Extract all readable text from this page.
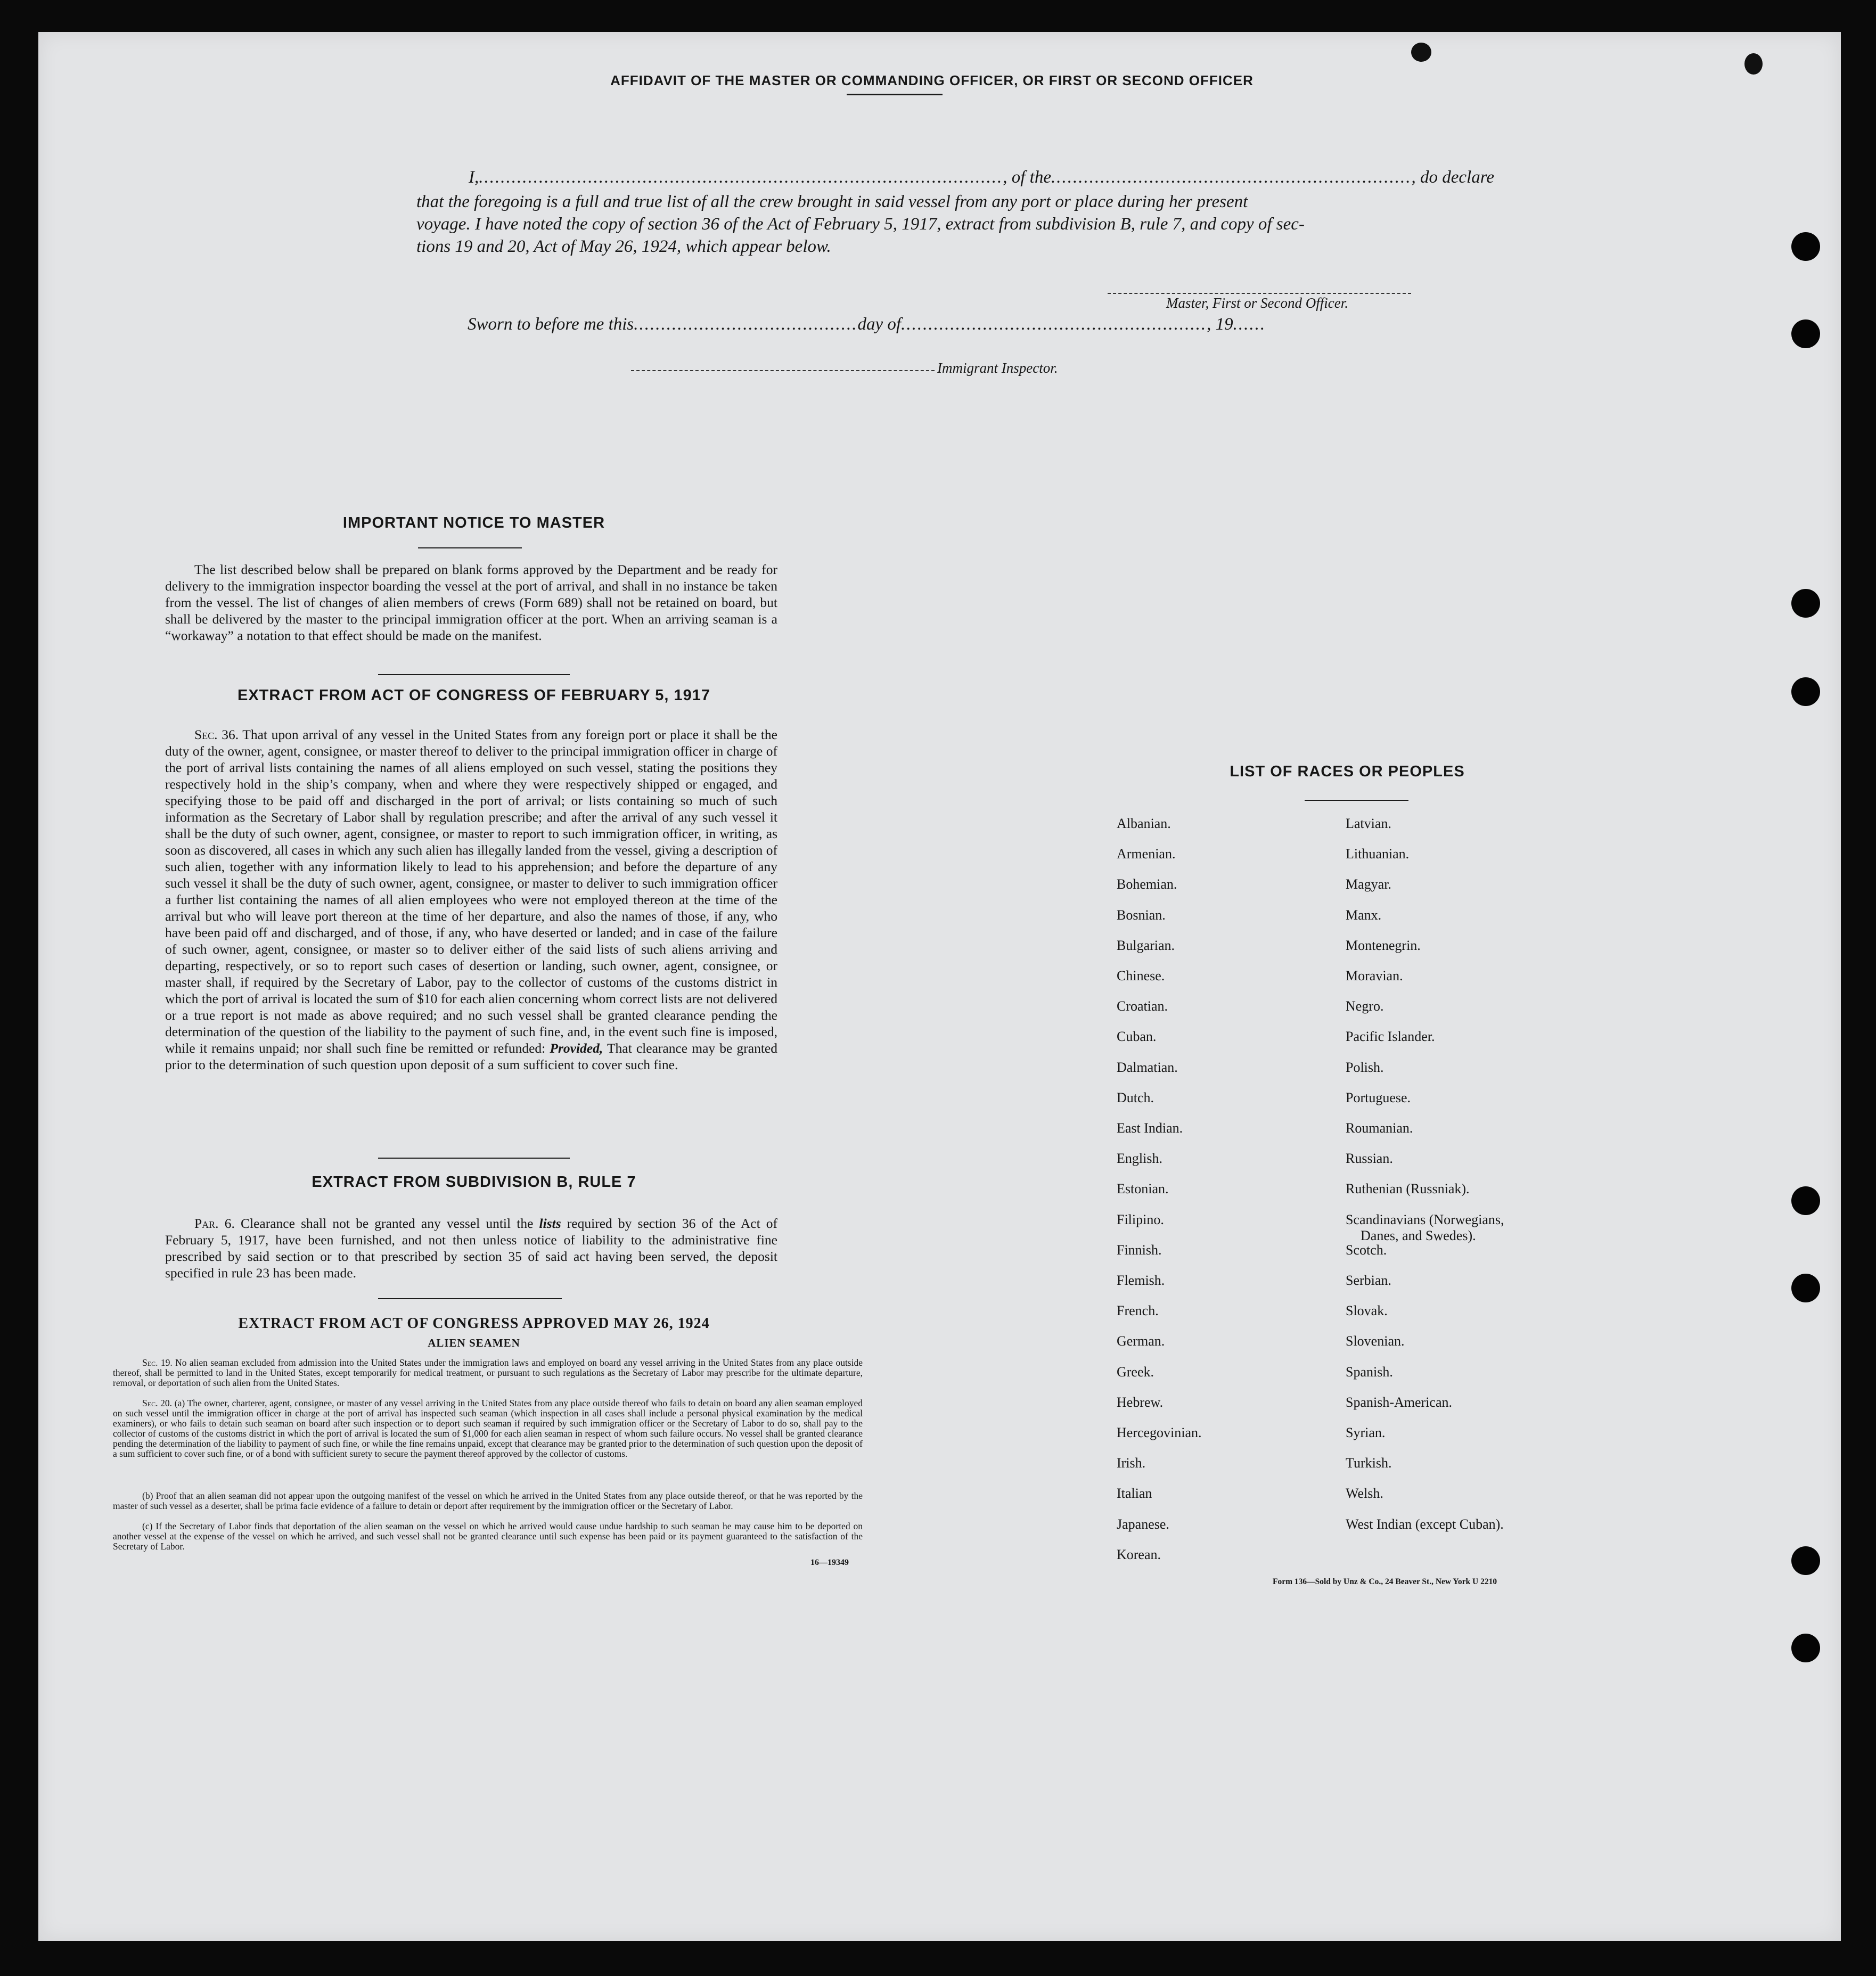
AFFIDAVIT OF THE MASTER OR COMMANDING OFFICER, OR FIRST OR SECOND OFFICER
I,................................................................................................, of the.................................................................., do declare
that the foregoing is a full and true list of all the crew brought in said vessel from any port or place during her present
voyage. I have noted the copy of section 36 of the Act of February 5, 1917, extract from subdivision B, rule 7, and copy of sec-
tions 19 and 20, Act of May 26, 1924, which appear below.
Master, First or Second Officer.
Sworn to before me this.........................................day of........................................................, 19......
Immigrant Inspector.
IMPORTANT NOTICE TO MASTER
The list described below shall be prepared on blank forms approved by the Department and be ready for delivery to the immigration inspector boarding the vessel at the port of arrival, and shall in no instance be taken from the vessel. The list of changes of alien members of crews (Form 689) shall not be retained on board, but shall be delivered by the master to the principal immigration officer at the port. When an arriving seaman is a “workaway” a notation to that effect should be made on the manifest.
EXTRACT FROM ACT OF CONGRESS OF FEBRUARY 5, 1917
Sec. 36. That upon arrival of any vessel in the United States from any foreign port or place it shall be the duty of the owner, agent, consignee, or master thereof to deliver to the principal immigration officer in charge of the port of arrival lists containing the names of all aliens employed on such vessel, stating the positions they respectively hold in the ship’s company, when and where they were respectively shipped or engaged, and specifying those to be paid off and discharged in the port of arrival; or lists containing so much of such information as the Secretary of Labor shall by regulation prescribe; and after the arrival of any such vessel it shall be the duty of such owner, agent, consignee, or master to report to such immigration officer, in writing, as soon as discovered, all cases in which any such alien has illegally landed from the vessel, giving a description of such alien, together with any information likely to lead to his apprehension; and before the departure of any such vessel it shall be the duty of such owner, agent, consignee, or master to deliver to such immigration officer a further list containing the names of all alien employees who were not employed thereon at the time of the arrival but who will leave port thereon at the time of her departure, and also the names of those, if any, who have been paid off and discharged, and of those, if any, who have deserted or landed; and in case of the failure of such owner, agent, consignee, or master so to deliver either of the said lists of such aliens arriving and departing, respectively, or so to report such cases of desertion or landing, such owner, agent, consignee, or master shall, if required by the Secretary of Labor, pay to the collector of customs of the customs district in which the port of arrival is located the sum of $10 for each alien concerning whom correct lists are not delivered or a true report is not made as above required; and no such vessel shall be granted clearance pending the determination of the question of the liability to the payment of such fine, and, in the event such fine is imposed, while it remains unpaid; nor shall such fine be remitted or refunded: Provided, That clearance may be granted prior to the determination of such question upon deposit of a sum sufficient to cover such fine.
EXTRACT FROM SUBDIVISION B, RULE 7
Par. 6. Clearance shall not be granted any vessel until the lists required by section 36 of the Act of February 5, 1917, have been furnished, and not then unless notice of liability to the administrative fine prescribed by said section or to that prescribed by section 35 of said act having been served, the deposit specified in rule 23 has been made.
EXTRACT FROM ACT OF CONGRESS APPROVED MAY 26, 1924
ALIEN SEAMEN
Sec. 19. No alien seaman excluded from admission into the United States under the immigration laws and employed on board any vessel arriving in the United States from any place outside thereof, shall be permitted to land in the United States, except temporarily for medical treatment, or pursuant to such regulations as the Secretary of Labor may prescribe for the ultimate departure, removal, or deportation of such alien from the United States.
Sec. 20. (a) The owner, charterer, agent, consignee, or master of any vessel arriving in the United States from any place outside thereof who fails to detain on board any alien seaman employed on such vessel until the immigration officer in charge at the port of arrival has inspected such seaman (which inspection in all cases shall include a personal physical examination by the medical examiners), or who fails to detain such seaman on board after such inspection or to deport such seaman if required by such immigration officer or the Secretary of Labor to do so, shall pay to the collector of customs of the customs district in which the port of arrival is located the sum of $1,000 for each alien seaman in respect of whom such failure occurs. No vessel shall be granted clearance pending the determination of the liability to payment of such fine, or while the fine remains unpaid, except that clearance may be granted prior to the determination of such question upon the deposit of a sum sufficient to cover such fine, or of a bond with sufficient surety to secure the payment thereof approved by the collector of customs.
(b) Proof that an alien seaman did not appear upon the outgoing manifest of the vessel on which he arrived in the United States from any place outside thereof, or that he was reported by the master of such vessel as a deserter, shall be prima facie evidence of a failure to detain or deport after requirement by the immigration officer or the Secretary of Labor.
(c) If the Secretary of Labor finds that deportation of the alien seaman on the vessel on which he arrived would cause undue hardship to such seaman he may cause him to be deported on another vessel at the expense of the vessel on which he arrived, and such vessel shall not be granted clearance until such expense has been paid or its payment guaranteed to the satisfaction of the Secretary of Labor.
16—19349
LIST OF RACES OR PEOPLES
Albanian.
Armenian.
Bohemian.
Bosnian.
Bulgarian.
Chinese.
Croatian.
Cuban.
Dalmatian.
Dutch.
East Indian.
English.
Estonian.
Filipino.
Finnish.
Flemish.
French.
German.
Greek.
Hebrew.
Hercegovinian.
Irish.
Italian
Japanese.
Korean.
Latvian.
Lithuanian.
Magyar.
Manx.
Montenegrin.
Moravian.
Negro.
Pacific Islander.
Polish.
Portuguese.
Roumanian.
Russian.
Ruthenian (Russniak).
Scandinavians (Norwegians,
Danes, and Swedes).
Scotch.
Serbian.
Slovak.
Slovenian.
Spanish.
Spanish-American.
Syrian.
Turkish.
Welsh.
West Indian (except Cuban).
Form 136—Sold by Unz & Co., 24 Beaver St., New York U 2210
